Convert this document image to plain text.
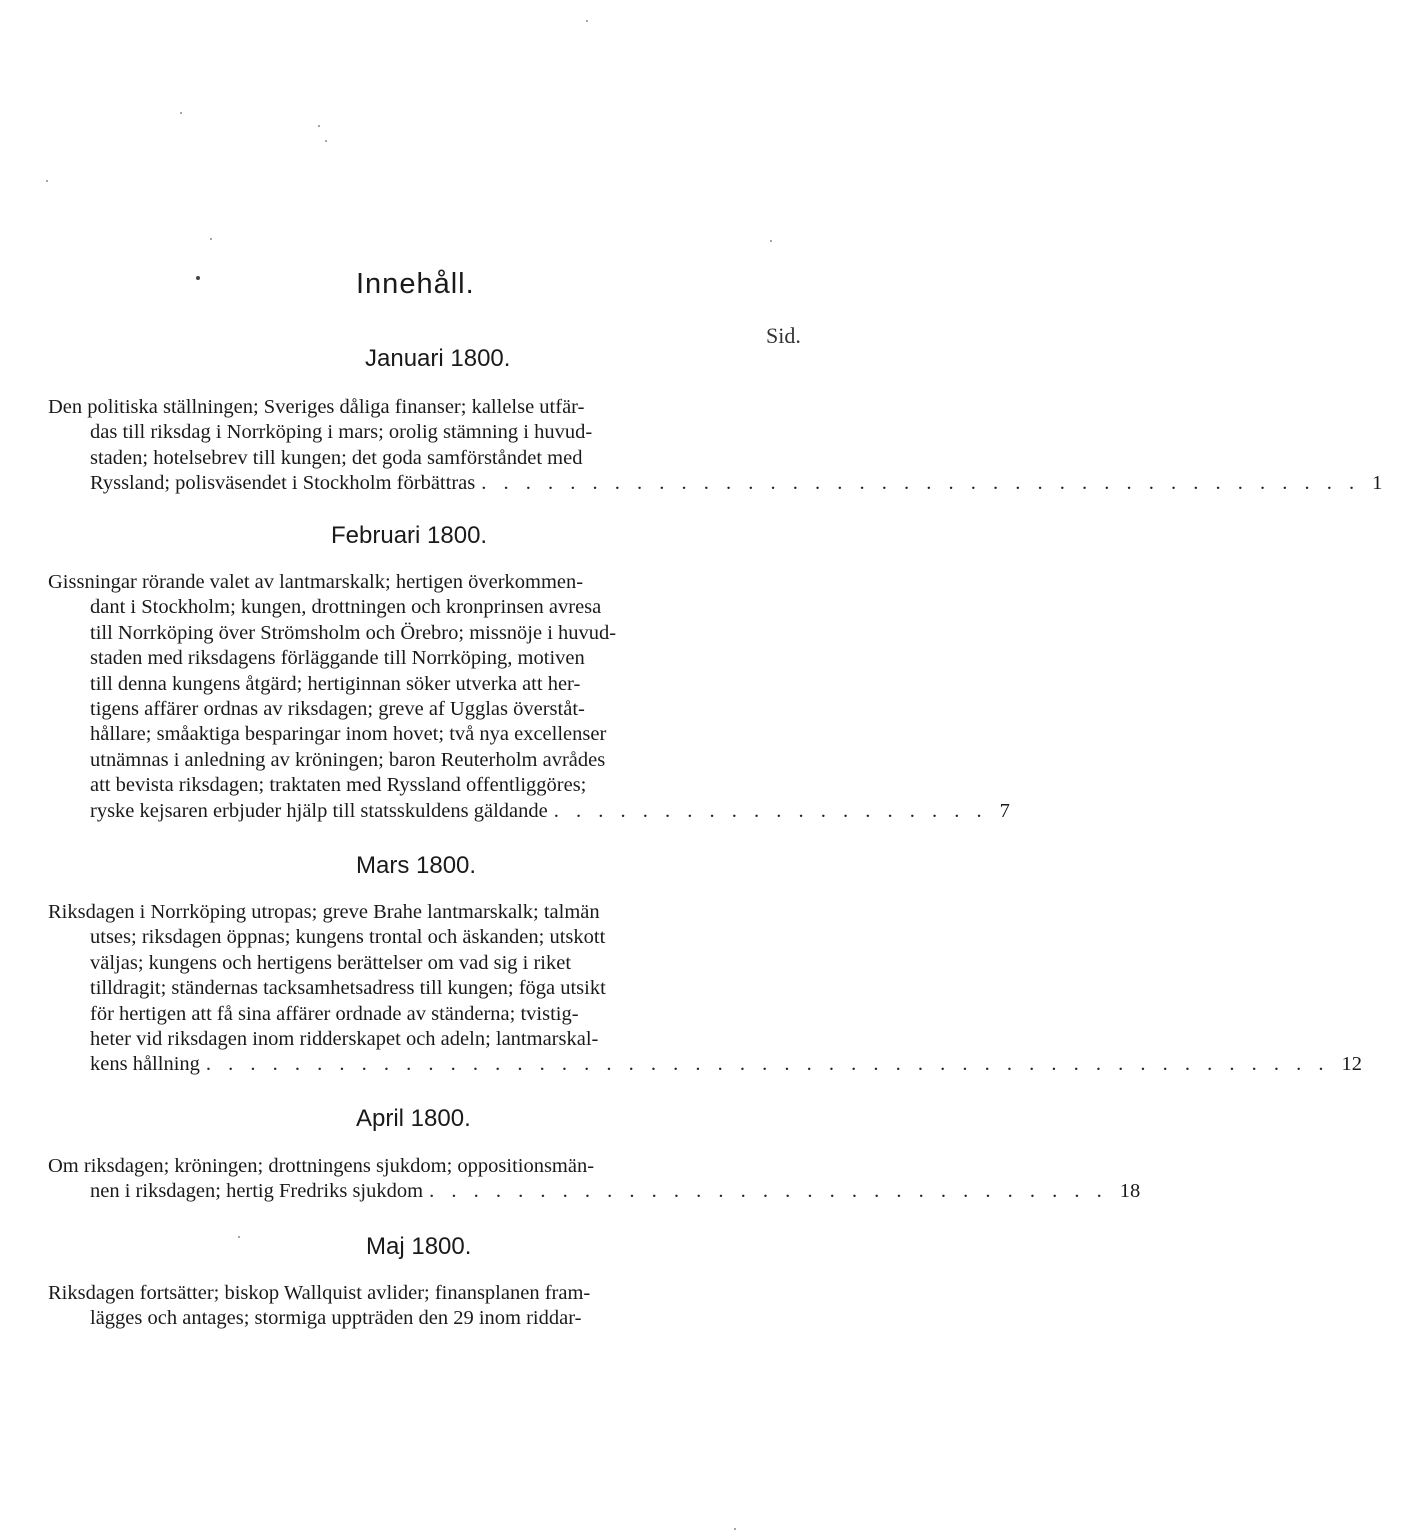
Innehåll.
Sid.
Januari 1800.
Den politiska ställningen; Sveriges dåliga finanser; kallelse utfär-
das till riksdag i Norrköping i mars; orolig stämning i huvud-
staden; hotelsebrev till kungen; det goda samförståndet med
Ryssland; polisväsendet i Stockholm förbättras . . . . . . . . . . . . . . . . . . . . . . . . . . . . . . . . . . . . . . . . 1
Februari 1800.
Gissningar rörande valet av lantmarskalk; hertigen överkommen-
dant i Stockholm; kungen, drottningen och kronprinsen avresa
till Norrköping över Strömsholm och Örebro; missnöje i huvud-
staden med riksdagens förläggande till Norrköping, motiven
till denna kungens åtgärd; hertiginnan söker utverka att her-
tigens affärer ordnas av riksdagen; greve af Ugglas överståt-
hållare; småaktiga besparingar inom hovet; två nya excellenser
utnämnas i anledning av kröningen; baron Reuterholm avrådes
att bevista riksdagen; traktaten med Ryssland offentliggöres;
ryske kejsaren erbjuder hjälp till statsskuldens gäldande . . . . . . . . . . . . . . . . . . . . 7
Mars 1800.
Riksdagen i Norrköping utropas; greve Brahe lantmarskalk; talmän
utses; riksdagen öppnas; kungens trontal och äskanden; utskott
väljas; kungens och hertigens berättelser om vad sig i riket
tilldragit; ständernas tacksamhetsadress till kungen; föga utsikt
för hertigen att få sina affärer ordnade av ständerna; tvistig-
heter vid riksdagen inom ridderskapet och adeln; lantmarskal-
kens hållning . . . . . . . . . . . . . . . . . . . . . . . . . . . . . . . . . . . . . . . . . . . . . . . . . . . 12
April 1800.
Om riksdagen; kröningen; drottningens sjukdom; oppositionsmän-
nen i riksdagen; hertig Fredriks sjukdom . . . . . . . . . . . . . . . . . . . . . . . . . . . . . . . 18
Maj 1800.
Riksdagen fortsätter; biskop Wallquist avlider; finansplanen fram-
lägges och antages; stormiga uppträden den 29 inom riddar-
